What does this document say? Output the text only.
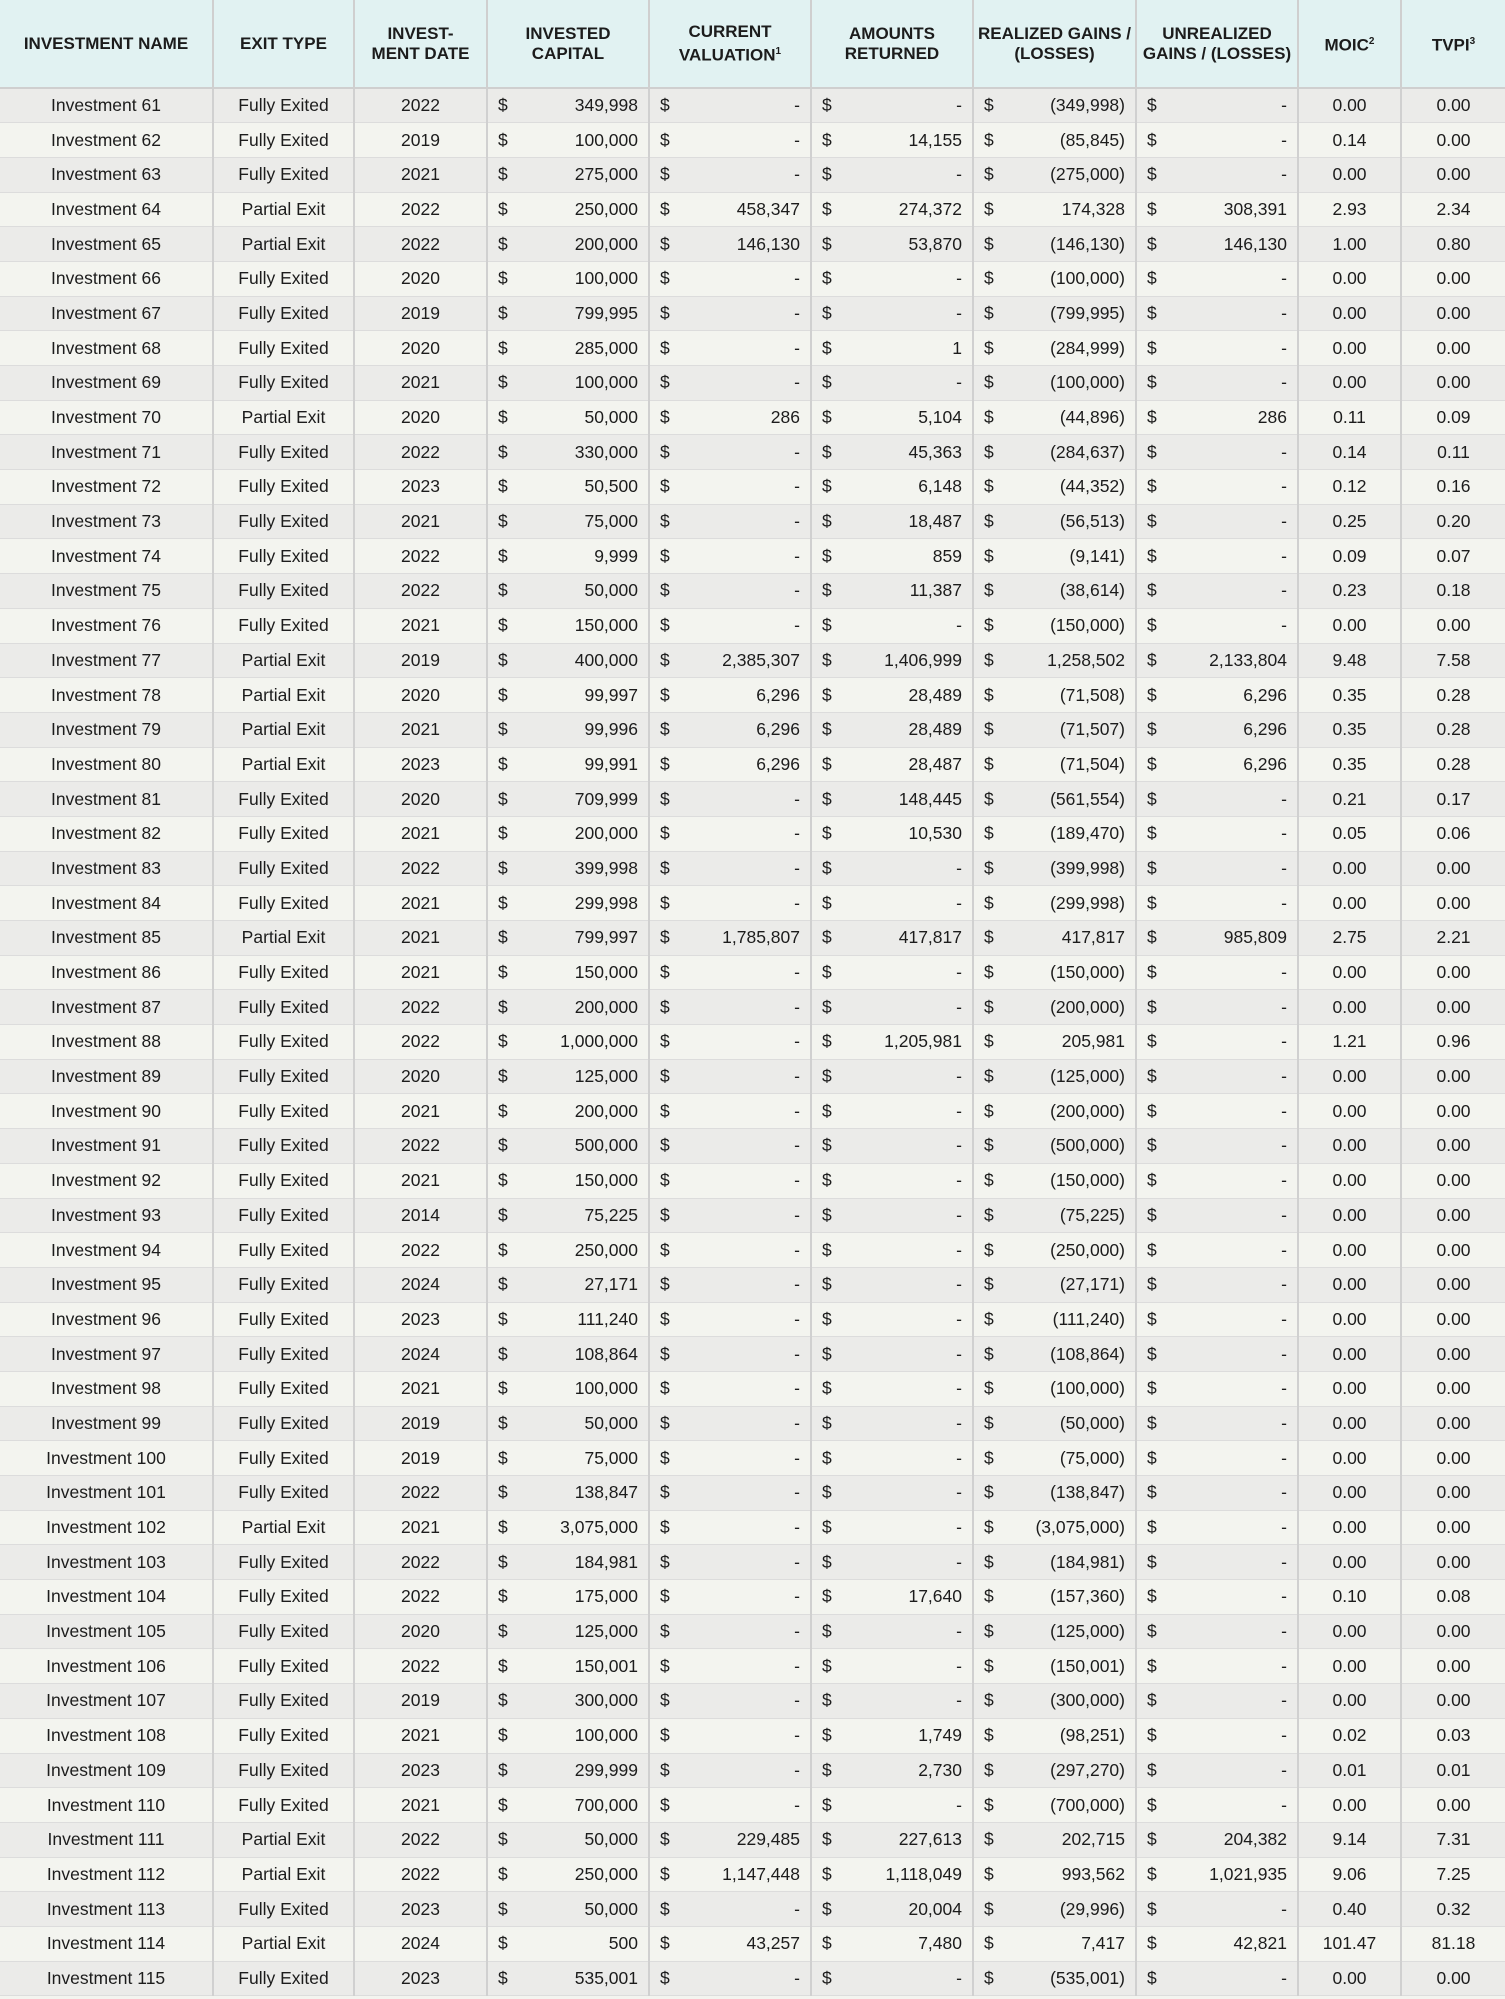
INVESTMENT NAME	EXIT TYPE	INVEST-
MENT DATE	INVESTED CAPITAL	CURRENT VALUATION$^1$	AMOUNTS RETURNED	REALIZED GAINS / (LOSSES)	UNREALIZED GAINS / (LOSSES)	MOIC$^2$	TVPI$^3$
Investment 61	Fully Exited	2022	$	349,998	$	-	$	-	$	(349,998)	$	-	0.00	0.00
Investment 62	Fully Exited	2019	$	100,000	$	-	$	14,155	$	(85,845)	$	-	0.14	0.00
Investment 63	Fully Exited	2021	$	275,000	$	-	$	-	$	(275,000)	$	-	0.00	0.00
Investment 64	Partial Exit	2022	$	250,000	$	458,347	$	274,372	$	174,328	$	308,391	2.93	2.34
Investment 65	Partial Exit	2022	$	200,000	$	146,130	$	53,870	$	(146,130)	$	146,130	1.00	0.80
Investment 66	Fully Exited	2020	$	100,000	$	-	$	-	$	(100,000)	$	-	0.00	0.00
Investment 67	Fully Exited	2019	$	799,995	$	-	$	-	$	(799,995)	$	-	0.00	0.00
Investment 68	Fully Exited	2020	$	285,000	$	-	$	1	$	(284,999)	$	-	0.00	0.00
Investment 69	Fully Exited	2021	$	100,000	$	-	$	-	$	(100,000)	$	-	0.00	0.00
Investment 70	Partial Exit	2020	$	50,000	$	286	$	5,104	$	(44,896)	$	286	0.11	0.09
Investment 71	Fully Exited	2022	$	330,000	$	-	$	45,363	$	(284,637)	$	-	0.14	0.11
Investment 72	Fully Exited	2023	$	50,500	$	-	$	6,148	$	(44,352)	$	-	0.12	0.16
Investment 73	Fully Exited	2021	$	75,000	$	-	$	18,487	$	(56,513)	$	-	0.25	0.20
Investment 74	Fully Exited	2022	$	9,999	$	-	$	859	$	(9,141)	$	-	0.09	0.07
Investment 75	Fully Exited	2022	$	50,000	$	-	$	11,387	$	(38,614)	$	-	0.23	0.18
Investment 76	Fully Exited	2021	$	150,000	$	-	$	-	$	(150,000)	$	-	0.00	0.00
Investment 77	Partial Exit	2019	$	400,000	$	2,385,307	$	1,406,999	$	1,258,502	$	2,133,804	9.48	7.58
Investment 78	Partial Exit	2020	$	99,997	$	6,296	$	28,489	$	(71,508)	$	6,296	0.35	0.28
Investment 79	Partial Exit	2021	$	99,996	$	6,296	$	28,489	$	(71,507)	$	6,296	0.35	0.28
Investment 80	Partial Exit	2023	$	99,991	$	6,296	$	28,487	$	(71,504)	$	6,296	0.35	0.28
Investment 81	Fully Exited	2020	$	709,999	$	-	$	148,445	$	(561,554)	$	-	0.21	0.17
Investment 82	Fully Exited	2021	$	200,000	$	-	$	10,530	$	(189,470)	$	-	0.05	0.06
Investment 83	Fully Exited	2022	$	399,998	$	-	$	-	$	(399,998)	$	-	0.00	0.00
Investment 84	Fully Exited	2021	$	299,998	$	-	$	-	$	(299,998)	$	-	0.00	0.00
Investment 85	Partial Exit	2021	$	799,997	$	1,785,807	$	417,817	$	417,817	$	985,809	2.75	2.21
Investment 86	Fully Exited	2021	$	150,000	$	-	$	-	$	(150,000)	$	-	0.00	0.00
Investment 87	Fully Exited	2022	$	200,000	$	-	$	-	$	(200,000)	$	-	0.00	0.00
Investment 88	Fully Exited	2022	$	1,000,000	$	-	$	1,205,981	$	205,981	$	-	1.21	0.96
Investment 89	Fully Exited	2020	$	125,000	$	-	$	-	$	(125,000)	$	-	0.00	0.00
Investment 90	Fully Exited	2021	$	200,000	$	-	$	-	$	(200,000)	$	-	0.00	0.00
Investment 91	Fully Exited	2022	$	500,000	$	-	$	-	$	(500,000)	$	-	0.00	0.00
Investment 92	Fully Exited	2021	$	150,000	$	-	$	-	$	(150,000)	$	-	0.00	0.00
Investment 93	Fully Exited	2014	$	75,225	$	-	$	-	$	(75,225)	$	-	0.00	0.00
Investment 94	Fully Exited	2022	$	250,000	$	-	$	-	$	(250,000)	$	-	0.00	0.00
Investment 95	Fully Exited	2024	$	27,171	$	-	$	-	$	(27,171)	$	-	0.00	0.00
Investment 96	Fully Exited	2023	$	111,240	$	-	$	-	$	(111,240)	$	-	0.00	0.00
Investment 97	Fully Exited	2024	$	108,864	$	-	$	-	$	(108,864)	$	-	0.00	0.00
Investment 98	Fully Exited	2021	$	100,000	$	-	$	-	$	(100,000)	$	-	0.00	0.00
Investment 99	Fully Exited	2019	$	50,000	$	-	$	-	$	(50,000)	$	-	0.00	0.00
Investment 100	Fully Exited	2019	$	75,000	$	-	$	-	$	(75,000)	$	-	0.00	0.00
Investment 101	Fully Exited	2022	$	138,847	$	-	$	-	$	(138,847)	$	-	0.00	0.00
Investment 102	Partial Exit	2021	$	3,075,000	$	-	$	-	$	(3,075,000)	$	-	0.00	0.00
Investment 103	Fully Exited	2022	$	184,981	$	-	$	-	$	(184,981)	$	-	0.00	0.00
Investment 104	Fully Exited	2022	$	175,000	$	-	$	17,640	$	(157,360)	$	-	0.10	0.08
Investment 105	Fully Exited	2020	$	125,000	$	-	$	-	$	(125,000)	$	-	0.00	0.00
Investment 106	Fully Exited	2022	$	150,001	$	-	$	-	$	(150,001)	$	-	0.00	0.00
Investment 107	Fully Exited	2019	$	300,000	$	-	$	-	$	(300,000)	$	-	0.00	0.00
Investment 108	Fully Exited	2021	$	100,000	$	-	$	1,749	$	(98,251)	$	-	0.02	0.03
Investment 109	Fully Exited	2023	$	299,999	$	-	$	2,730	$	(297,270)	$	-	0.01	0.01
Investment 110	Fully Exited	2021	$	700,000	$	-	$	-	$	(700,000)	$	-	0.00	0.00
Investment 111	Partial Exit	2022	$	50,000	$	229,485	$	227,613	$	202,715	$	204,382	9.14	7.31
Investment 112	Partial Exit	2022	$	250,000	$	1,147,448	$	1,118,049	$	993,562	$	1,021,935	9.06	7.25
Investment 113	Fully Exited	2023	$	50,000	$	-	$	20,004	$	(29,996)	$	-	0.40	0.32
Investment 114	Partial Exit	2024	$	500	$	43,257	$	7,480	$	7,417	$	42,821	101.47	81.18
Investment 115	Fully Exited	2023	$	535,001	$	-	$	-	$	(535,001)	$	-	0.00	0.00
